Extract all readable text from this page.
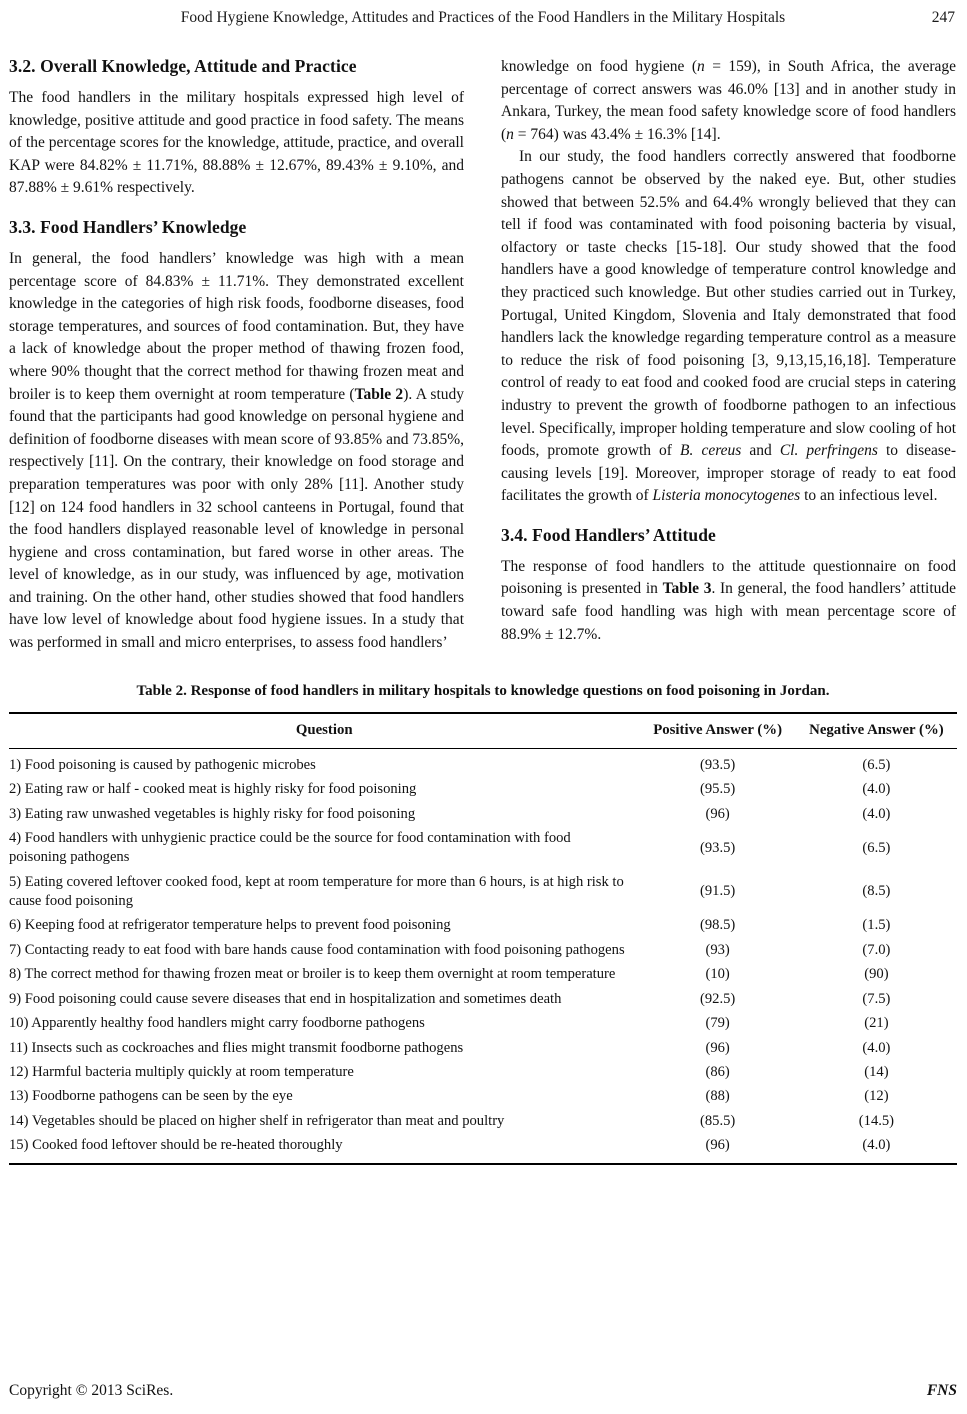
Food Hygiene Knowledge, Attitudes and Practices of the Food Handlers in the Military Hospitals	247
3.2. Overall Knowledge, Attitude and Practice

The food handlers in the military hospitals expressed high level of knowledge, positive attitude and good practice in food safety. The means of the percentage scores for the knowledge, attitude, practice, and overall KAP were 84.82% ± 11.71%, 88.88% ± 12.67%, 89.43% ± 9.10%, and 87.88% ± 9.61% respectively.

3.3. Food Handlers’ Knowledge

In general, the food handlers’ knowledge was high with a mean percentage score of 84.83% ± 11.71%. They demonstrated excellent knowledge in the categories of high risk foods, foodborne diseases, food storage temperatures, and sources of food contamination. But, they have a lack of knowledge about the proper method of thawing frozen food, where 90% thought that the correct method for thawing frozen meat and broiler is to keep them overnight at room temperature (Table 2). A study found that the participants had good knowledge on personal hygiene and definition of foodborne diseases with mean score of 93.85% and 73.85%, respectively [11]. On the contrary, their knowledge on food storage and preparation temperatures was poor with only 28% [11]. Another study [12] on 124 food handlers in 32 school canteens in Portugal, found that the food handlers displayed reasonable level of knowledge in personal hygiene and cross contamination, but fared worse in other areas. The level of knowledge, as in our study, was influenced by age, motivation and training. On the other hand, other studies showed that food handlers have low level of knowledge about food hygiene issues. In a study that was performed in small and micro enterprises, to assess food handlers’

knowledge on food hygiene (n = 159), in South Africa, the average percentage of correct answers was 46.0% [13] and in another study in Ankara, Turkey, the mean food safety knowledge score of food handlers (n = 764) was 43.4% ± 16.3% [14].

In our study, the food handlers correctly answered that foodborne pathogens cannot be observed by the naked eye. But, other studies showed that between 52.5% and 64.4% wrongly believed that they can tell if food was contaminated with food poisoning bacteria by visual, olfactory or taste checks [15-18]. Our study showed that the food handlers have a good knowledge of temperature control knowledge and they practiced such knowledge. But other studies carried out in Turkey, Portugal, United Kingdom, Slovenia and Italy demonstrated that food handlers lack the knowledge regarding temperature control as a measure to reduce the risk of food poisoning [3, 9,13,15,16,18]. Temperature control of ready to eat food and cooked food are crucial steps in catering industry to prevent the growth of foodborne pathogen to an infectious level. Specifically, improper holding temperature and slow cooling of hot foods, promote growth of B. cereus and Cl. perfringens to disease-causing levels [19]. Moreover, improper storage of ready to eat food facilitates the growth of Listeria monocytogenes to an infectious level.

3.4. Food Handlers’ Attitude

The response of food handlers to the attitude questionnaire on food poisoning is presented in Table 3. In general, the food handlers’ attitude toward safe food handling was high with mean percentage score of 88.9% ± 12.7%.

Table 2. Response of food handlers in military hospitals to knowledge questions on food poisoning in Jordan.
Question	Positive Answer (%)	Negative Answer (%)
1) Food poisoning is caused by pathogenic microbes	(93.5)	(6.5)
2) Eating raw or half - cooked meat is highly risky for food poisoning	(95.5)	(4.0)
3) Eating raw unwashed vegetables is highly risky for food poisoning	(96)	(4.0)
4) Food handlers with unhygienic practice could be the source for food contamination with food poisoning pathogens	(93.5)	(6.5)
5) Eating covered leftover cooked food, kept at room temperature for more than 6 hours, is at high risk to cause food poisoning	(91.5)	(8.5)
6) Keeping food at refrigerator temperature helps to prevent food poisoning	(98.5)	(1.5)
7) Contacting ready to eat food with bare hands cause food contamination with food poisoning pathogens	(93)	(7.0)
8) The correct method for thawing frozen meat or broiler is to keep them overnight at room temperature	(10)	(90)
9) Food poisoning could cause severe diseases that end in hospitalization and sometimes death	(92.5)	(7.5)
10) Apparently healthy food handlers might carry foodborne pathogens	(79)	(21)
11) Insects such as cockroaches and flies might transmit foodborne pathogens	(96)	(4.0)
12) Harmful bacteria multiply quickly at room temperature	(86)	(14)
13) Foodborne pathogens can be seen by the eye	(88)	(12)
14) Vegetables should be placed on higher shelf in refrigerator than meat and poultry	(85.5)	(14.5)
15) Cooked food leftover should be re-heated thoroughly	(96)	(4.0)
Copyright © 2013 SciRes.	FNS
